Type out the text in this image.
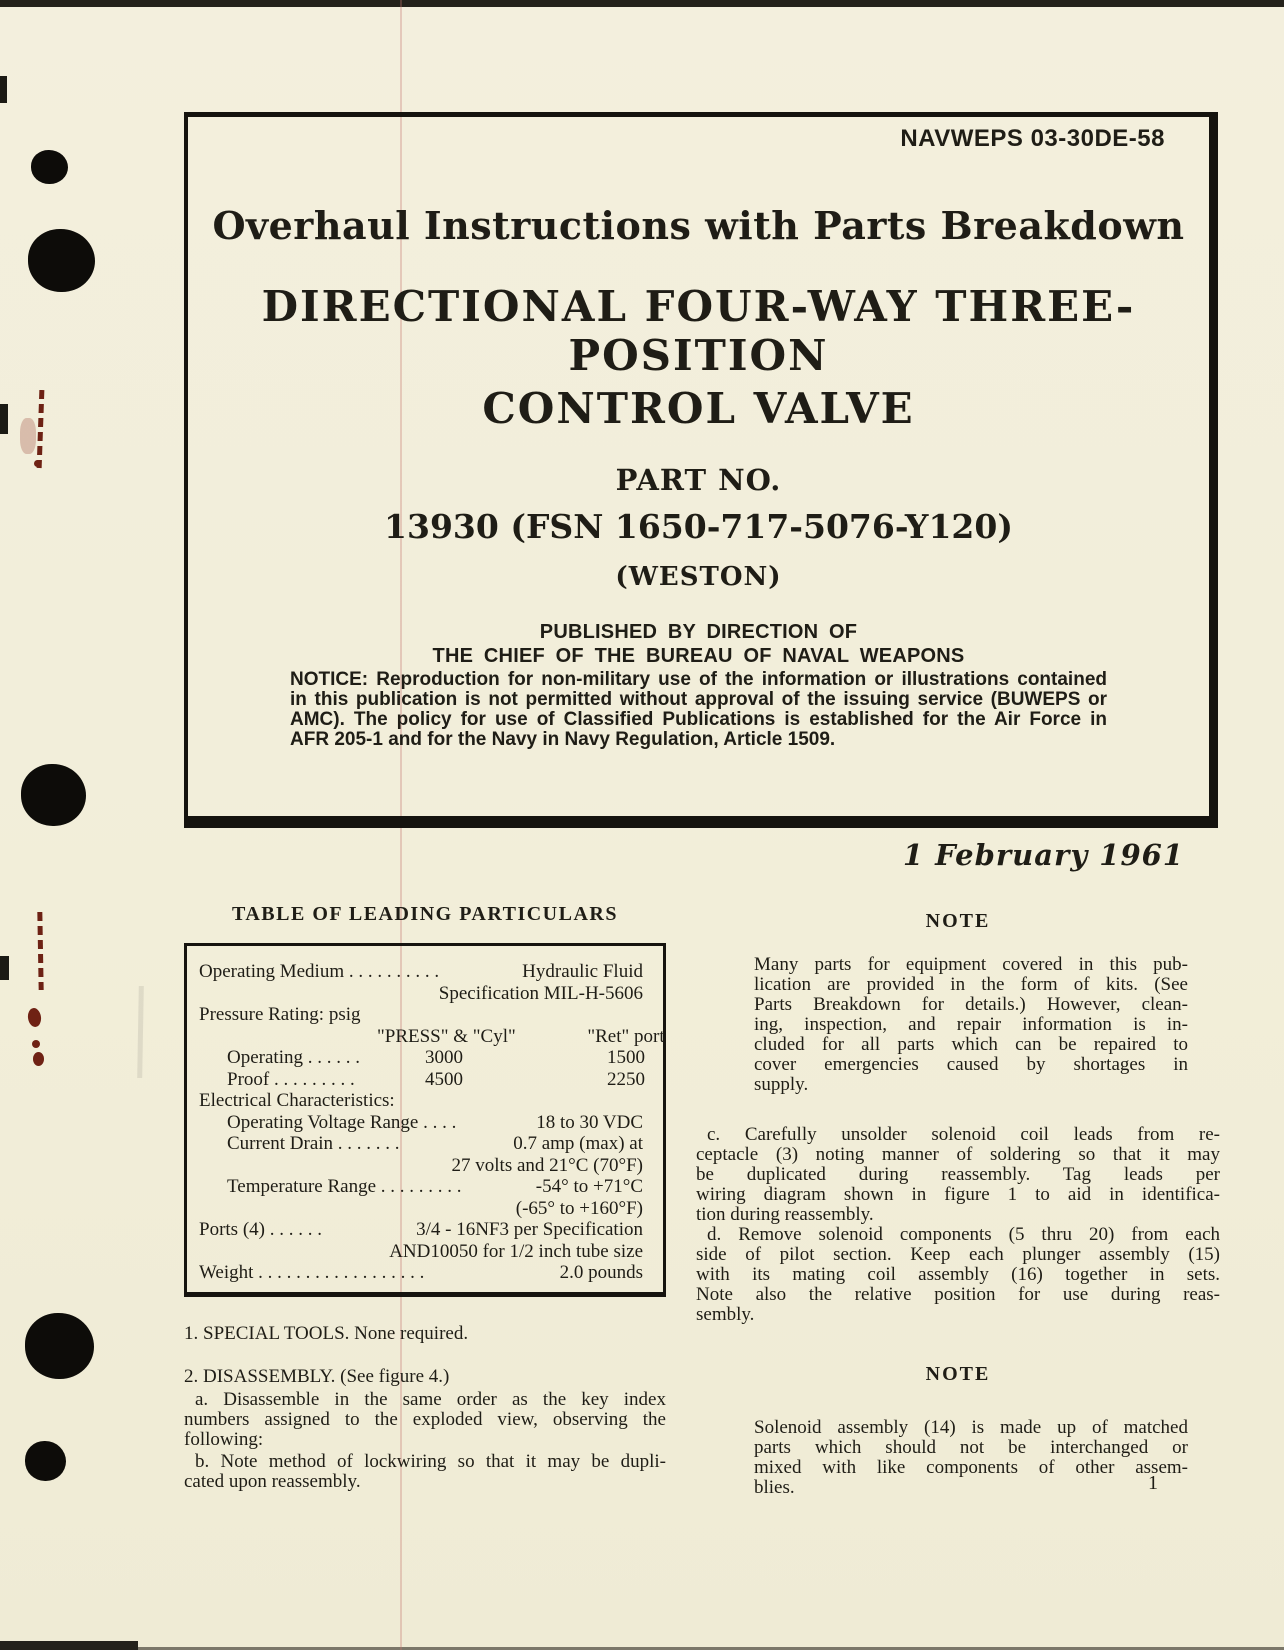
NAVWEPS 03-30DE-58
Overhaul Instructions with Parts Breakdown
DIRECTIONAL FOUR-WAY THREE-POSITION
CONTROL VALVE
PART NO.
13930 (FSN 1650-717-5076-Y120)
(WESTON)
PUBLISHED BY DIRECTION OF
THE CHIEF OF THE BUREAU OF NAVAL WEAPONS
NOTICE: Reproduction for non-military use of the information or illustrations contained
in this publication is not permitted without approval of the issuing service (BUWEPS or
AMC). The policy for use of Classified Publications is established for the Air Force in
AFR 205-1 and for the Navy in Navy Regulation, Article 1509.
1 February 1961
TABLE OF LEADING PARTICULARS
Operating Medium . . . . . . . . . .	Hydraulic Fluid
Specification MIL-H-5606
Pressure Rating: psig
"PRESS" & "Cyl"	"Ret" port
Operating . . . . . .	3000	1500
Proof . . . . . . . . .	4500	2250
Electrical Characteristics:
Operating Voltage Range . . . .	18 to 30 VDC
Current Drain . . . . . . .	0.7 amp (max) at
27 volts and 21°C (70°F)
Temperature Range . . . . . . . . .	-54° to +71°C
(-65° to +160°F)
Ports (4) . . . . . .	3/4 - 16NF3 per Specification
AND10050 for 1/2 inch tube size
Weight . . . . . . . . . . . . . . . . . .	2.0 pounds
1. SPECIAL TOOLS. None required.
2. DISASSEMBLY. (See figure 4.)
a. Disassemble in the same order as the key index
numbers assigned to the exploded view, observing the
following:
b. Note method of lockwiring so that it may be dupli-
cated upon reassembly.
NOTE
Many parts for equipment covered in this pub-
lication are provided in the form of kits. (See
Parts Breakdown for details.) However, clean-
ing, inspection, and repair information is in-
cluded for all parts which can be repaired to
cover emergencies caused by shortages in
supply.
c. Carefully unsolder solenoid coil leads from re-
ceptacle (3) noting manner of soldering so that it may
be duplicated during reassembly. Tag leads per
wiring diagram shown in figure 1 to aid in identifica-
tion during reassembly.
d. Remove solenoid components (5 thru 20) from each
side of pilot section. Keep each plunger assembly (15)
with its mating coil assembly (16) together in sets.
Note also the relative position for use during reas-
sembly.
NOTE
Solenoid assembly (14) is made up of matched
parts which should not be interchanged or
mixed with like components of other assem-
blies.	1
